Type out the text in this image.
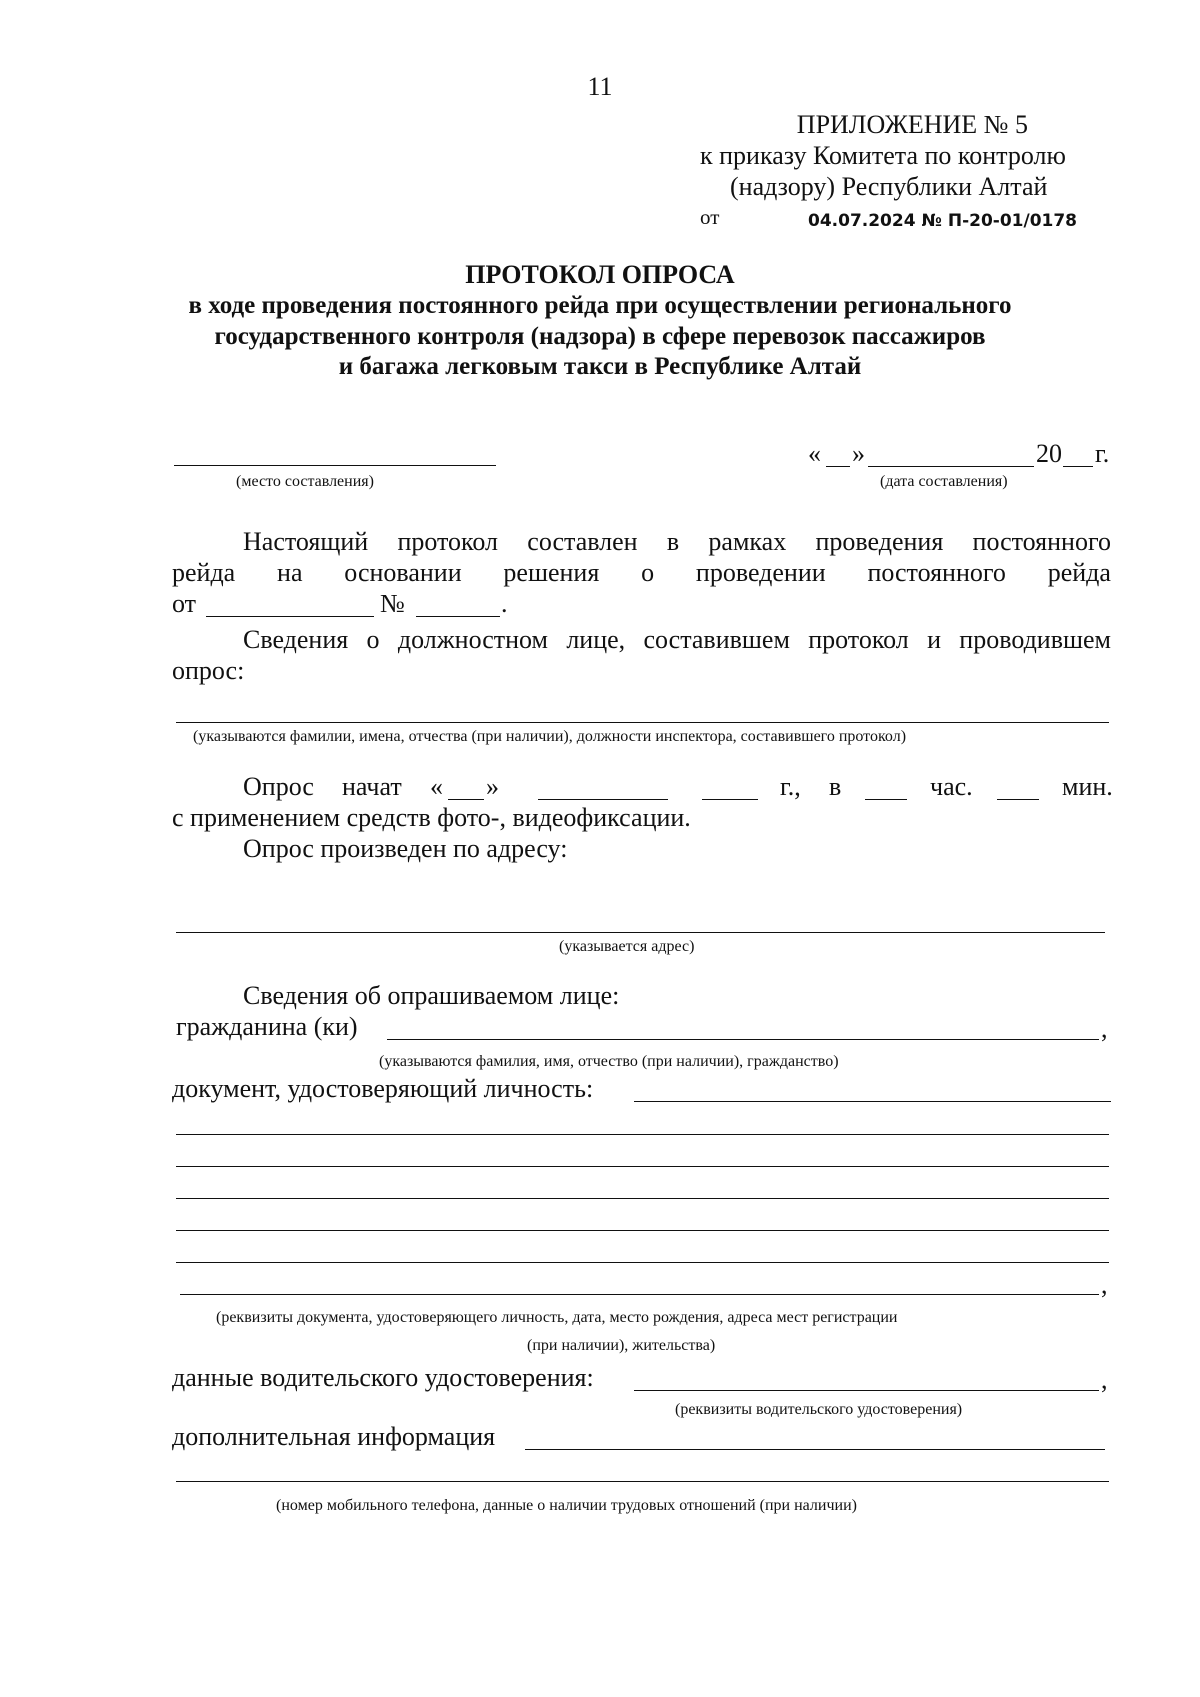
11
ПРИЛОЖЕНИЕ № 5
к приказу Комитета по контролю
(надзору) Республики Алтай
от	04.07.2024 № П-20-01/0178
ПРОТОКОЛ ОПРОСА
в ходе проведения постоянного рейда при осуществлении регионального
государственного контроля (надзора) в сфере перевозок пассажиров
и багажа легковым такси в Республике Алтай
(место составления)
« »	20 г.
(дата составления)
Настоящий протокол составлен в рамках проведения постоянного
рейда на основании решения о проведении постоянного рейда
от	№	.
Сведения о должностном лице, составившем протокол и проводившем
опрос:
(указываются фамилии, имена, отчества (при наличии), должности инспектора, составившего протокол)
Опрос начат « »	г., в	час.	мин.
с применением средств фото-, видеофиксации.
Опрос произведен по адресу:
(указывается адрес)
Сведения об опрашиваемом лице:
гражданина (ки)	,
(указываются фамилия, имя, отчество (при наличии), гражданство)
документ, удостоверяющий личность:
,
(реквизиты документа, удостоверяющего личность, дата, место рождения, адреса мест регистрации
(при наличии), жительства)
данные водительского удостоверения:	,
(реквизиты водительского удостоверения)
дополнительная информация
(номер мобильного телефона, данные о наличии трудовых отношений (при наличии)
